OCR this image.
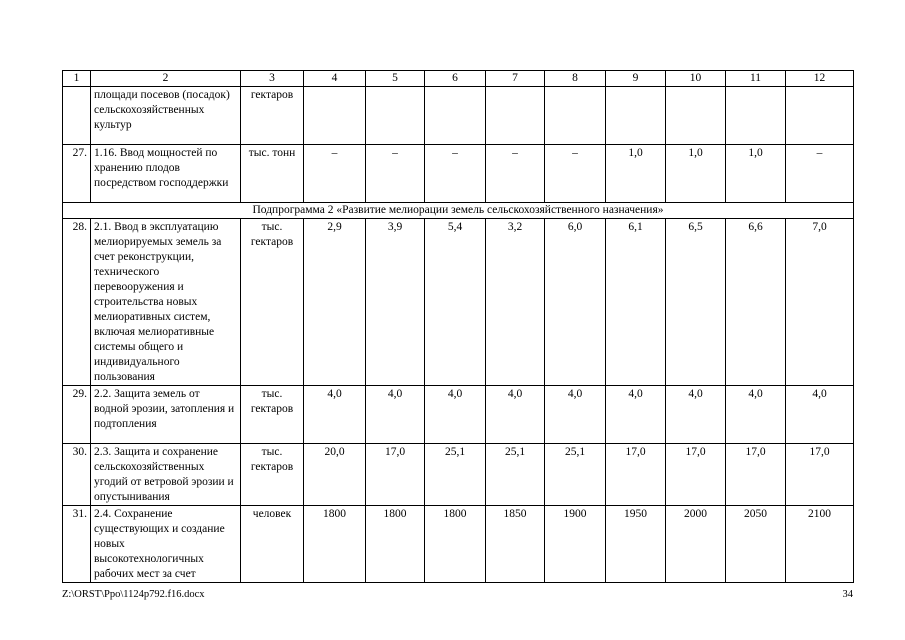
1	2	3	4	5	6	7	8	9	10	11	12
	площади посевов (посадок) сельскохозяйственных культур	гектаров									
27.	1.16. Ввод мощностей по хранению плодов посредством господдержки	тыс. тонн	–	–	–	–	–	1,0	1,0	1,0	–
Подпрограмма 2 «Развитие мелиорации земель сельскохозяйственного назначения»											
28.	2.1. Ввод в эксплуатацию мелиорируемых земель за счет реконструкции, технического перевооружения и строительства новых мелиоративных систем, включая мелиоративные системы общего и индивидуального пользования	тыс. гектаров	2,9	3,9	5,4	3,2	6,0	6,1	6,5	6,6	7,0
29.	2.2. Защита земель от водной эрозии, затопления и подтопления	тыс. гектаров	4,0	4,0	4,0	4,0	4,0	4,0	4,0	4,0	4,0
30.	2.3. Защита и сохранение сельскохозяйственных угодий от ветровой эрозии и опустынивания	тыс. гектаров	20,0	17,0	25,1	25,1	25,1	17,0	17,0	17,0	17,0
31.	2.4. Сохранение существующих и создание новых высокотехнологичных рабочих мест за счет	человек	1800	1800	1800	1850	1900	1950	2000	2050	2100
Z:\ORST\Ppo\1124p792.f16.docx	34
